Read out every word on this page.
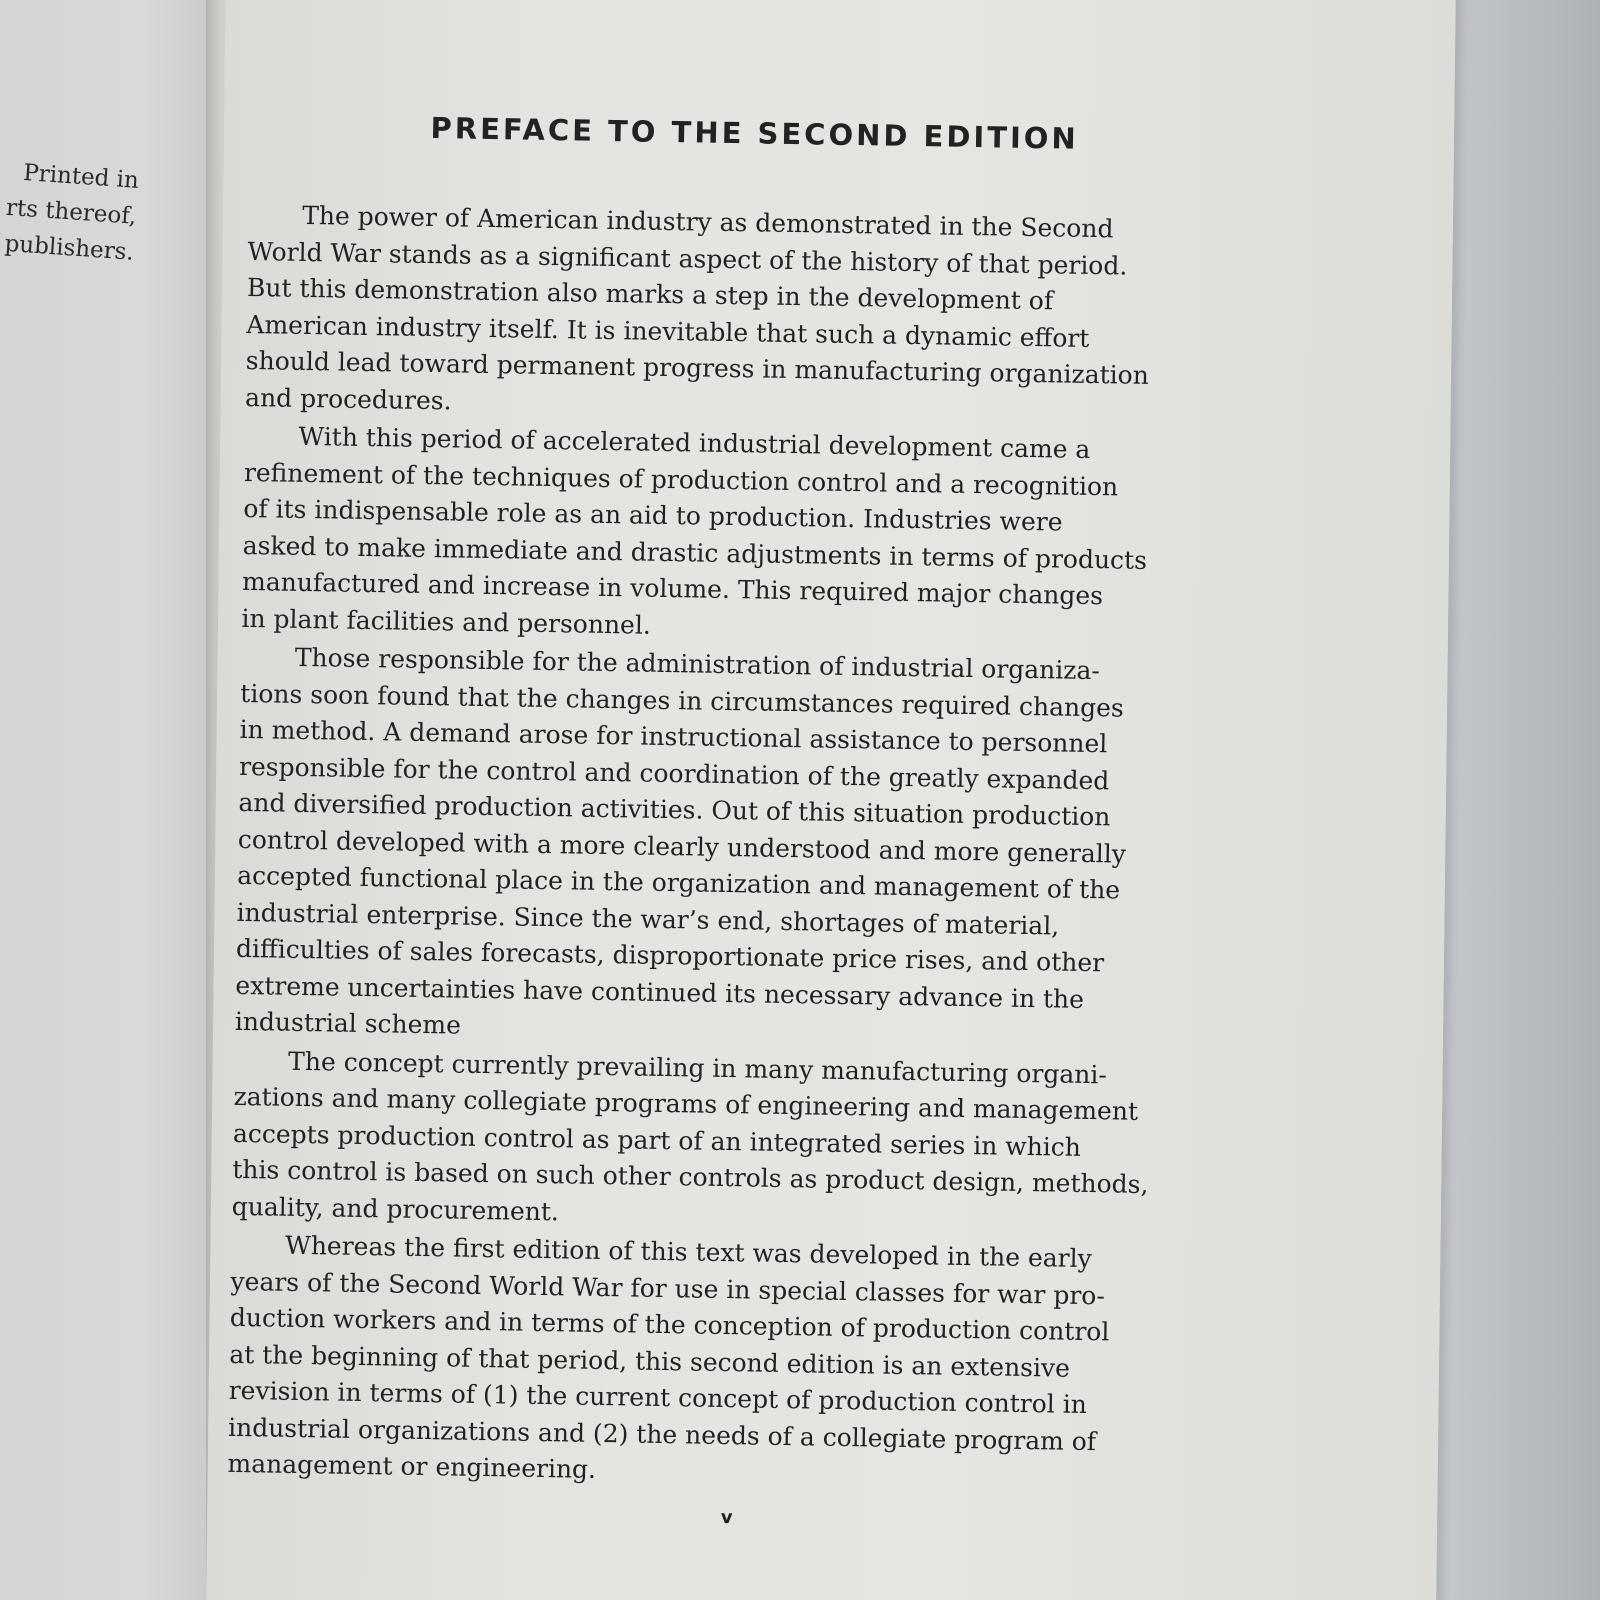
Printed in
rts thereof,
publishers.
PREFACE TO THE SECOND EDITION
The power of American industry as demonstrated in the Second
World War stands as a significant aspect of the history of that period.
But this demonstration also marks a step in the development of
American industry itself. It is inevitable that such a dynamic effort
should lead toward permanent progress in manufacturing organization
and procedures.
With this period of accelerated industrial development came a
refinement of the techniques of production control and a recognition
of its indispensable role as an aid to production. Industries were
asked to make immediate and drastic adjustments in terms of products
manufactured and increase in volume. This required major changes
in plant facilities and personnel.
Those responsible for the administration of industrial organiza-
tions soon found that the changes in circumstances required changes
in method. A demand arose for instructional assistance to personnel
responsible for the control and coordination of the greatly expanded
and diversified production activities. Out of this situation production
control developed with a more clearly understood and more generally
accepted functional place in the organization and management of the
industrial enterprise. Since the war’s end, shortages of material,
difficulties of sales forecasts, disproportionate price rises, and other
extreme uncertainties have continued its necessary advance in the
industrial scheme
The concept currently prevailing in many manufacturing organi-
zations and many collegiate programs of engineering and management
accepts production control as part of an integrated series in which
this control is based on such other controls as product design, methods,
quality, and procurement.
Whereas the first edition of this text was developed in the early
years of the Second World War for use in special classes for war pro-
duction workers and in terms of the conception of production control
at the beginning of that period, this second edition is an extensive
revision in terms of (1) the current concept of production control in
industrial organizations and (2) the needs of a collegiate program of
management or engineering.
v
